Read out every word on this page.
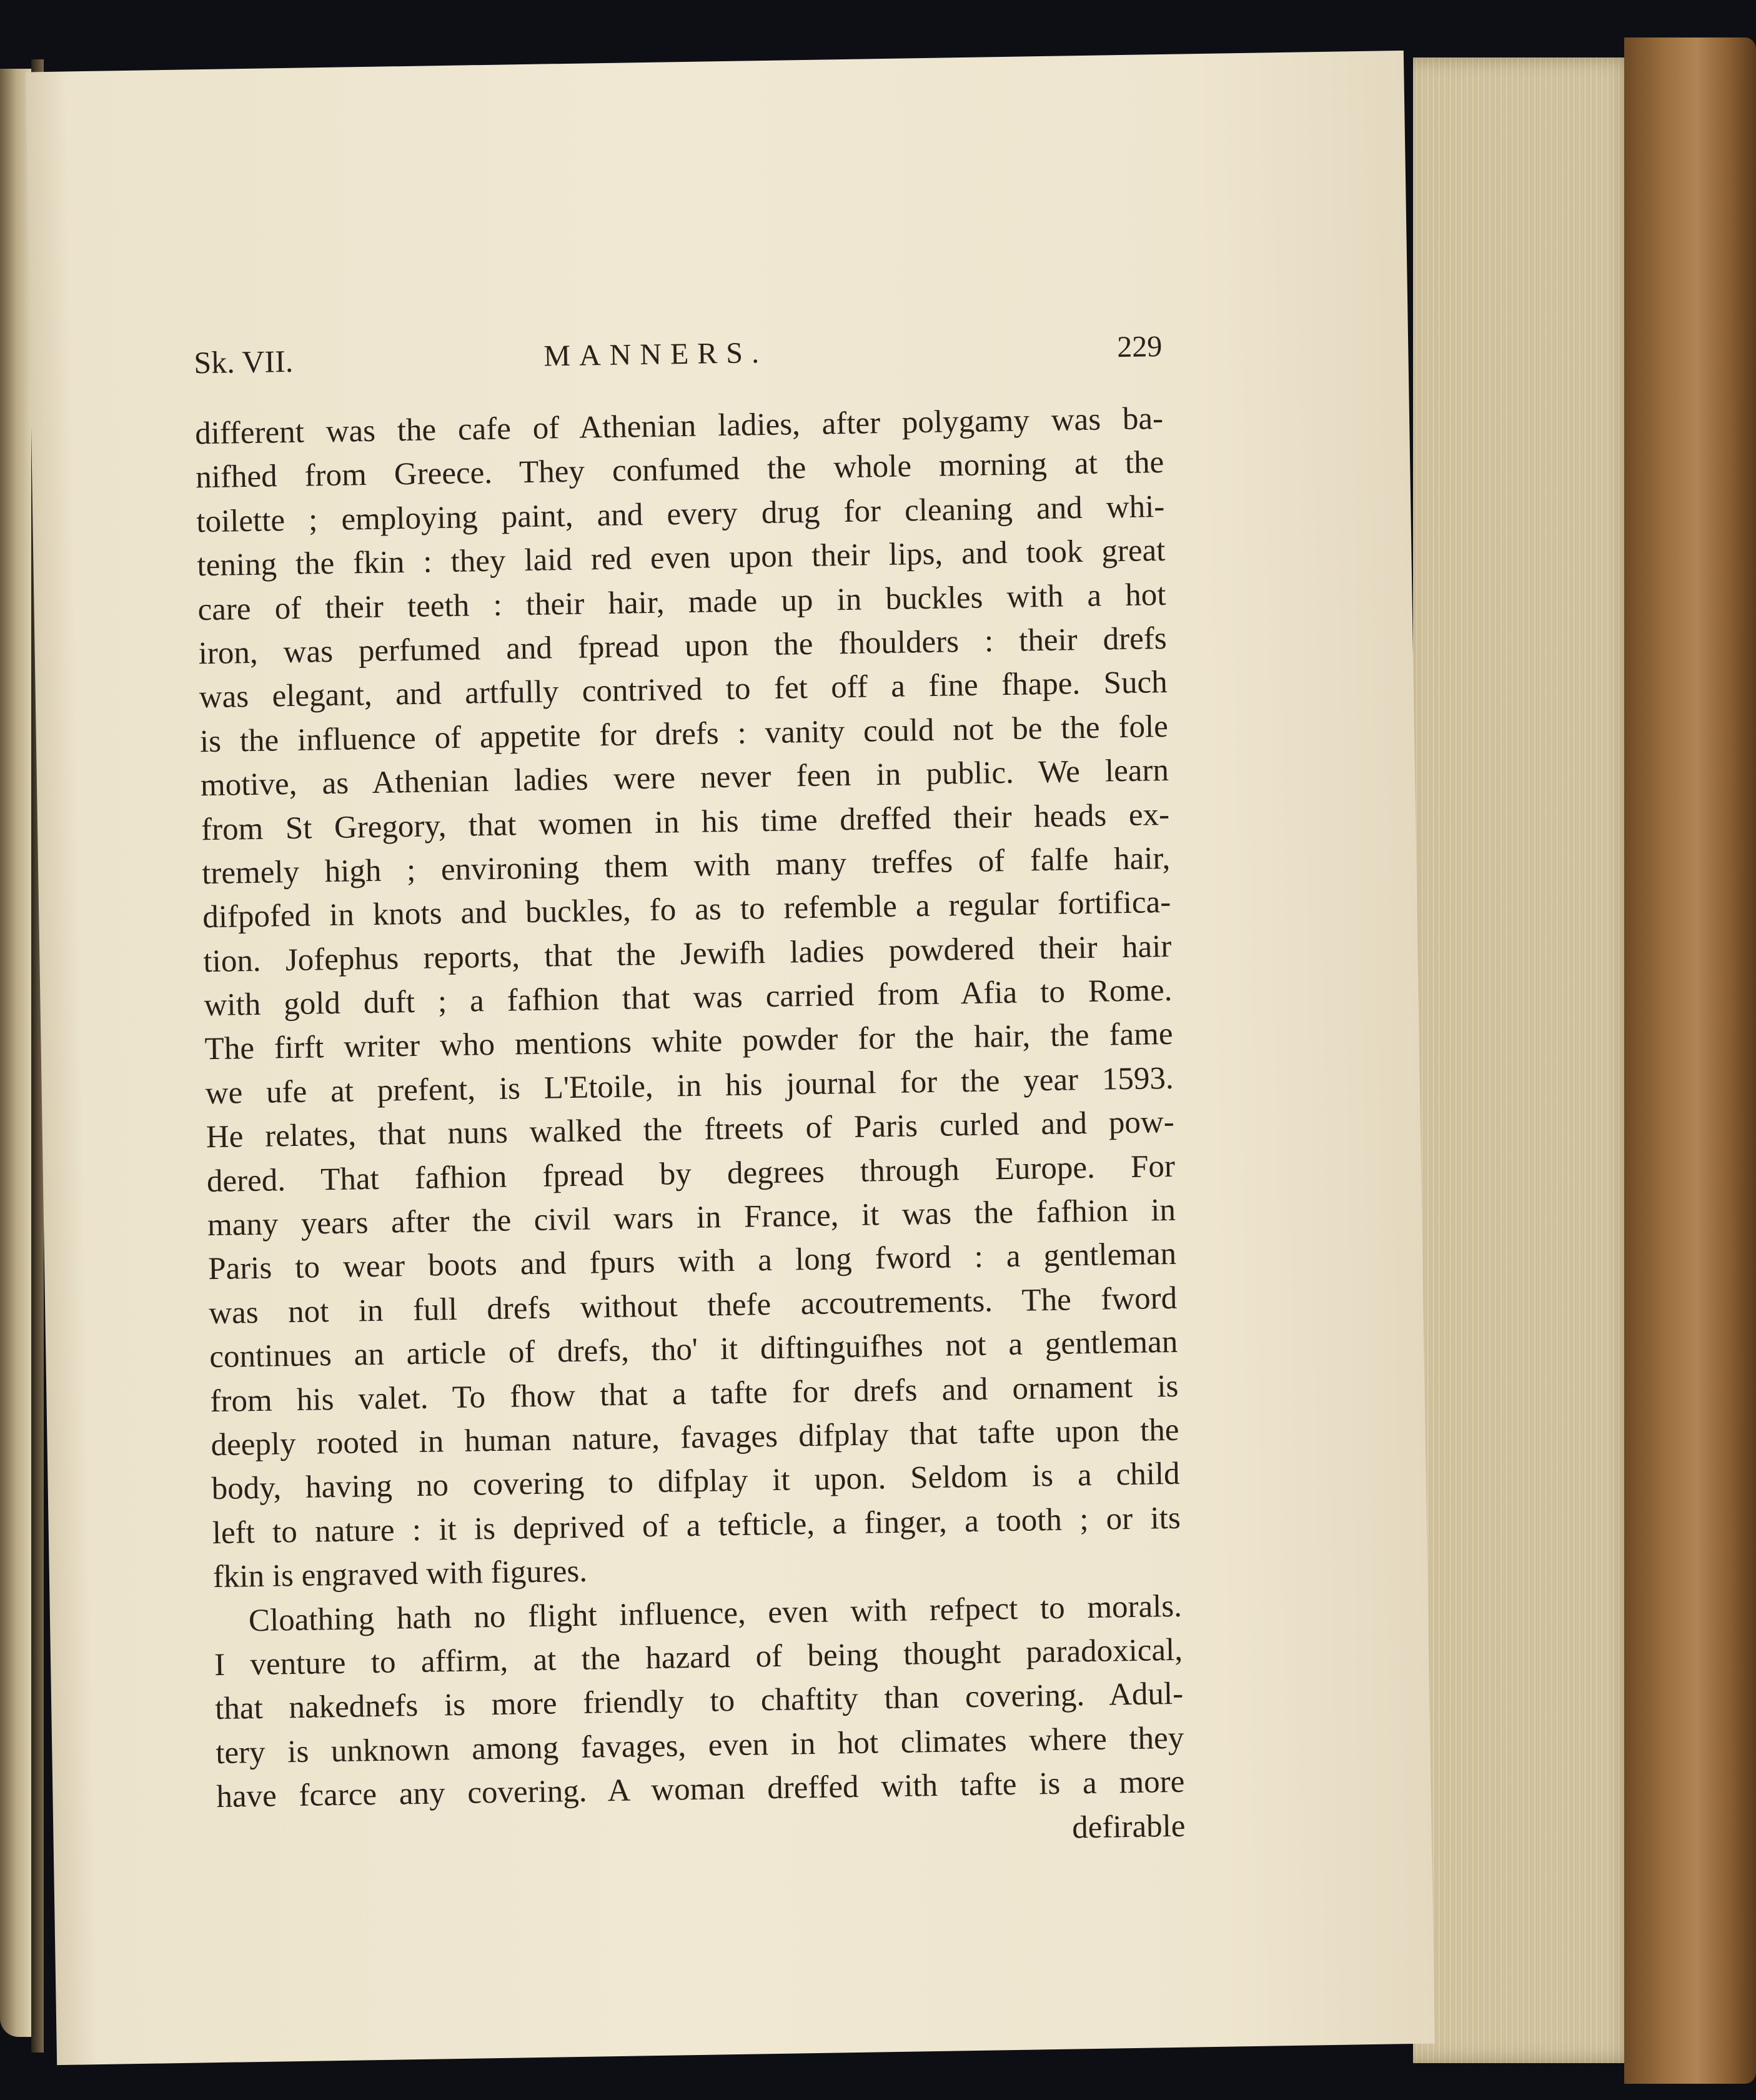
Sk. VII.	MANNERS.	229
different was the cafe of Athenian ladies, after polygamy was ba-
nifhed from Greece. They confumed the whole morning at the
toilette ; employing paint, and every drug for cleaning and whi-
tening the fkin : they laid red even upon their lips, and took great
care of their teeth : their hair, made up in buckles with a hot
iron, was perfumed and fpread upon the fhoulders : their drefs
was elegant, and artfully contrived to fet off a fine fhape. Such
is the influence of appetite for drefs : vanity could not be the fole
motive, as Athenian ladies were never feen in public. We learn
from St Gregory, that women in his time dreffed their heads ex-
tremely high ; environing them with many treffes of falfe hair,
difpofed in knots and buckles, fo as to refemble a regular fortifica-
tion. Jofephus reports, that the Jewifh ladies powdered their hair
with gold duft ; a fafhion that was carried from Afia to Rome.
The firft writer who mentions white powder for the hair, the fame
we ufe at prefent, is L'Etoile, in his journal for the year 1593.
He relates, that nuns walked the ftreets of Paris curled and pow-
dered. That fafhion fpread by degrees through Europe. For
many years after the civil wars in France, it was the fafhion in
Paris to wear boots and fpurs with a long fword : a gentleman
was not in full drefs without thefe accoutrements. The fword
continues an article of drefs, tho' it diftinguifhes not a gentleman
from his valet. To fhow that a tafte for drefs and ornament is
deeply rooted in human nature, favages difplay that tafte upon the
body, having no covering to difplay it upon. Seldom is a child
left to nature : it is deprived of a tefticle, a finger, a tooth ; or its
fkin is engraved with figures.
Cloathing hath no flight influence, even with refpect to morals.
I venture to affirm, at the hazard of being thought paradoxical,
that nakednefs is more friendly to chaftity than covering. Adul-
tery is unknown among favages, even in hot climates where they
have fcarce any covering. A woman dreffed with tafte is a more
defirable
